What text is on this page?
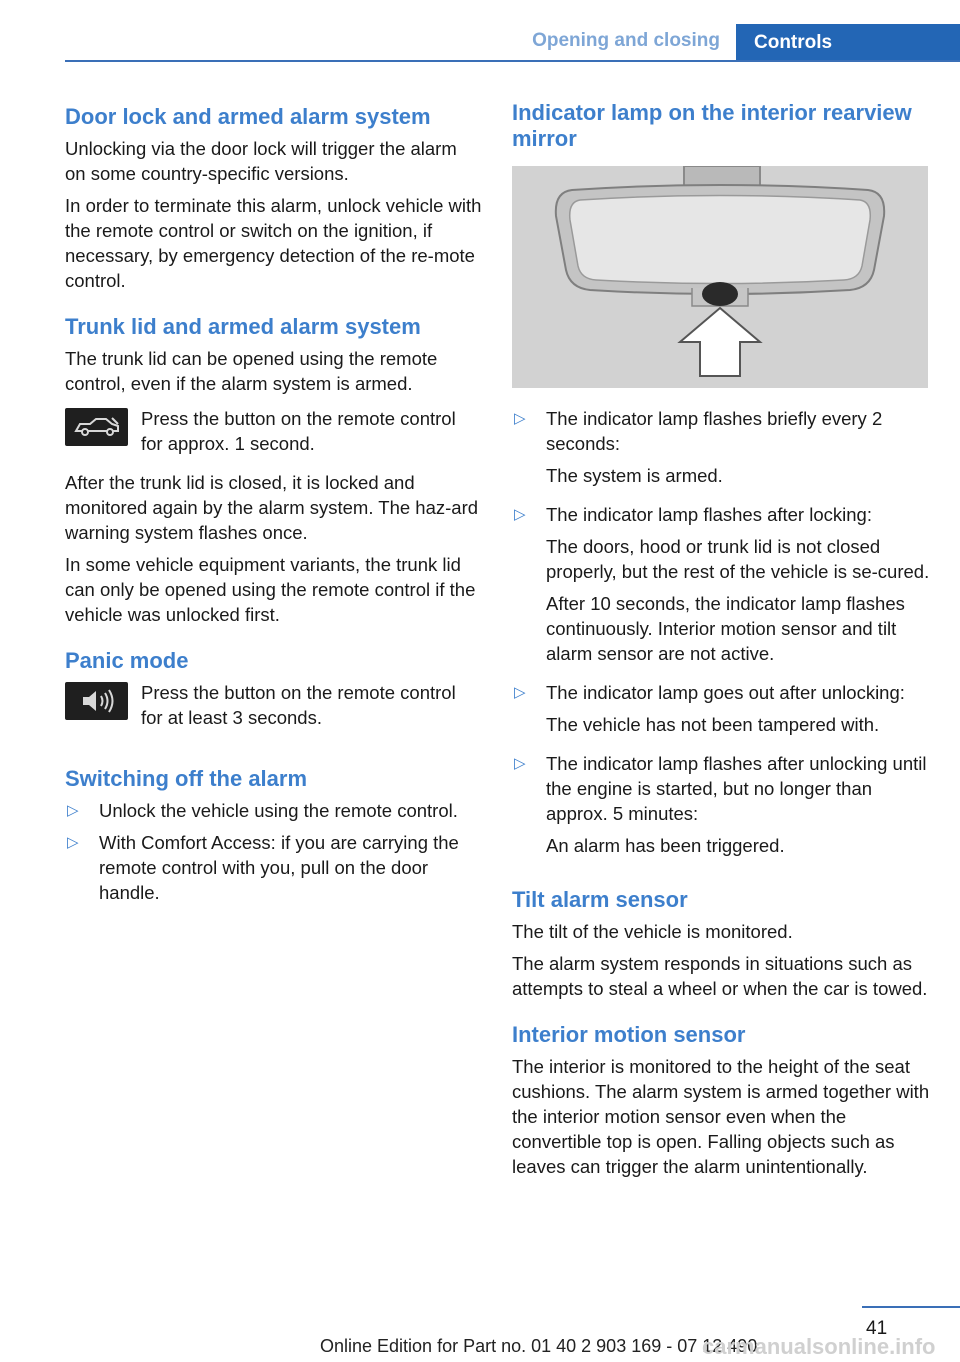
Opening and closing	Controls
Door lock and armed alarm system

Unlocking via the door lock will trigger the alarm on some country-specific versions.

In order to terminate this alarm, unlock vehicle with the remote control or switch on the ignition, if necessary, by emergency detection of the re-mote control.

Trunk lid and armed alarm system

The trunk lid can be opened using the remote control, even if the alarm system is armed.

Press the button on the remote control for approx. 1 second.

After the trunk lid is closed, it is locked and monitored again by the alarm system. The haz-ard warning system flashes once.

In some vehicle equipment variants, the trunk lid can only be opened using the remote control if the vehicle was unlocked first.

Panic mode
Press the button on the remote control for at least 3 seconds.
Switching off the alarm
▷ Unlock the vehicle using the remote control.
▷ With Comfort Access: if you are carrying the remote control with you, pull on the door handle.
Indicator lamp on the interior rearview mirror
▷ The indicator lamp flashes briefly every 2 seconds:
The system is armed.
▷ The indicator lamp flashes after locking:
The doors, hood or trunk lid is not closed properly, but the rest of the vehicle is se-cured.
After 10 seconds, the indicator lamp flashes continuously. Interior motion sensor and tilt alarm sensor are not active.
▷ The indicator lamp goes out after unlocking:
The vehicle has not been tampered with.
▷ The indicator lamp flashes after unlocking until the engine is started, but no longer than approx. 5 minutes:
An alarm has been triggered.
Tilt alarm sensor

The tilt of the vehicle is monitored.

The alarm system responds in situations such as attempts to steal a wheel or when the car is towed.

Interior motion sensor

The interior is monitored to the height of the seat cushions. The alarm system is armed together with the interior motion sensor even when the convertible top is open. Falling objects such as leaves can trigger the alarm unintentionally.

41
Online Edition for Part no. 01 40 2 903 169 - 07 12 490
carmanualsonline.info
